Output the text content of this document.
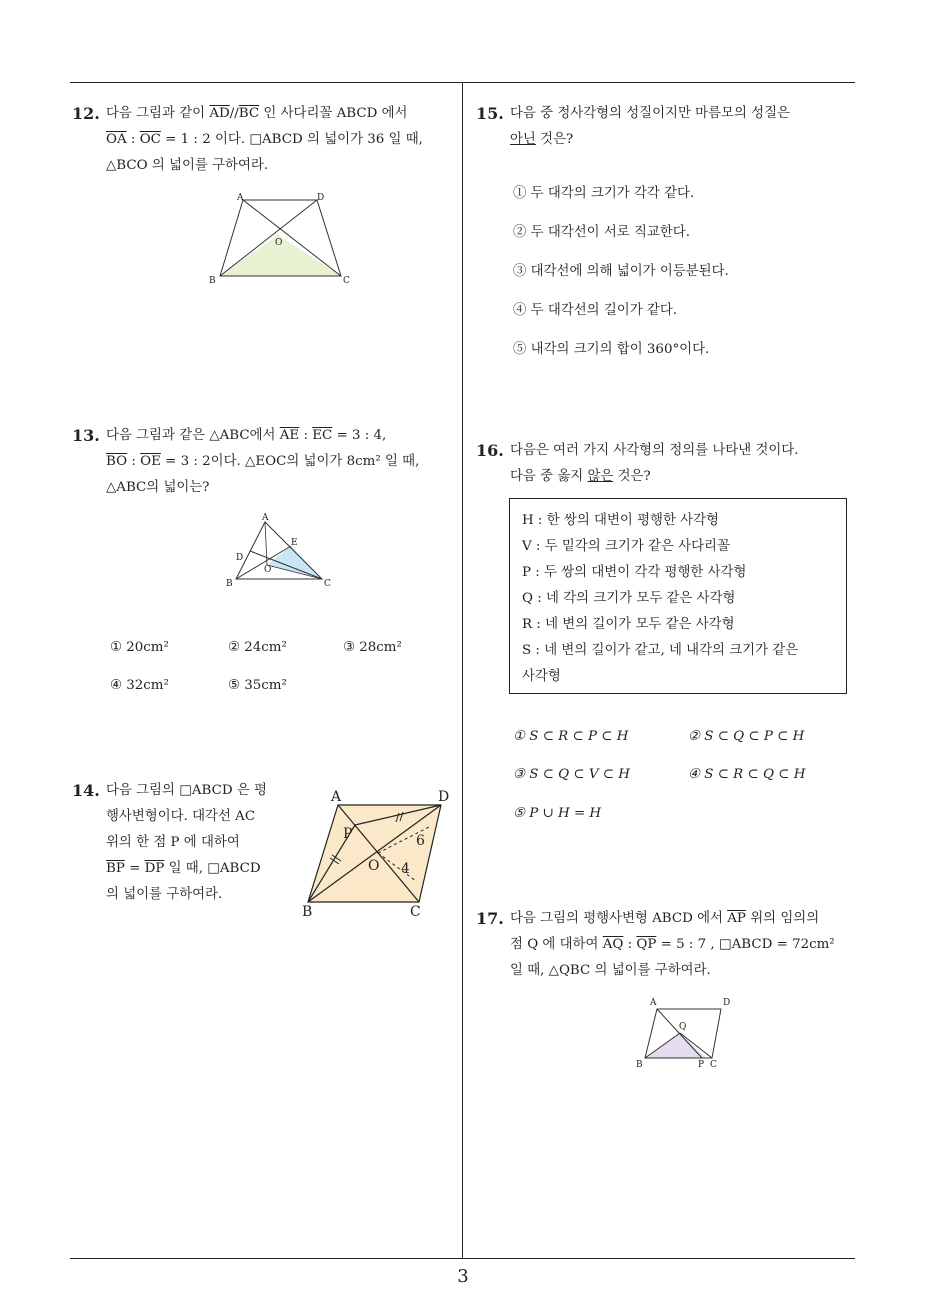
12. 다음 그림과 같이 $\overline{AD}//\overline{BC}$ 인 사다리꼴 ABCD 에서
$\overline{OA}$ : $\overline{OC} = 1$ : 2 이다. □ABCD 의 넓이가 36 일 때,
△BCO 의 넓이를 구하여라.
A	D
O
B	C
13. 다음 그림과 같은 △ABC에서 $\overline{AE}$ : $\overline{EC} = 3$ : 4,
$\overline{BO}$ : $\overline{OE} = 3$ : 2이다. △EOC의 넓이가 8cm² 일 때,
△ABC의 넓이는?
A
E
D
O
B	C
① 20cm²	② 24cm²	③ 28cm²
④ 32cm²	⑤ 35cm²
14. 다음 그림의 □ABCD 은 평
행사변형이다. 대각선 AC
위의 한 점 P 에 대하여
$\overline{BP} = \overline{DP}$ 일 때, □ABCD
의 넓이를 구하여라.
A	D
P
O
6
4
B	C
15. 다음 중 정사각형의 성질이지만 마름모의 성질은
아닌 것은?
① 두 대각의 크기가 각각 같다.
② 두 대각선이 서로 직교한다.
③ 대각선에 의해 넓이가 이등분된다.
④ 두 대각선의 길이가 같다.
⑤ 내각의 크기의 합이 360°이다.
16. 다음은 여러 가지 사각형의 정의를 나타낸 것이다.
다음 중 옳지 않은 것은?
H : 한 쌍의 대변이 평행한 사각형
V : 두 밑각의 크기가 같은 사다리꼴
P : 두 쌍의 대변이 각각 평행한 사각형
Q : 네 각의 크기가 모두 같은 사각형
R : 네 변의 길이가 모두 같은 사각형
S : 네 변의 길이가 같고, 네 내각의 크기가 같은
사각형
① S ⊂ R ⊂ P ⊂ H	② S ⊂ Q ⊂ P ⊂ H
③ S ⊂ Q ⊂ V ⊂ H	④ S ⊂ R ⊂ Q ⊂ H
⑤ P ∪ H = H
17. 다음 그림의 평행사변형 ABCD 에서 $\overline{AP}$ 위의 임의의
점 Q 에 대하여 $\overline{AQ}$ : $\overline{QP} = 5$ : 7 , □ABCD = 72cm²
일 때, △QBC 의 넓이를 구하여라.
A	D
Q
B	P C
3
